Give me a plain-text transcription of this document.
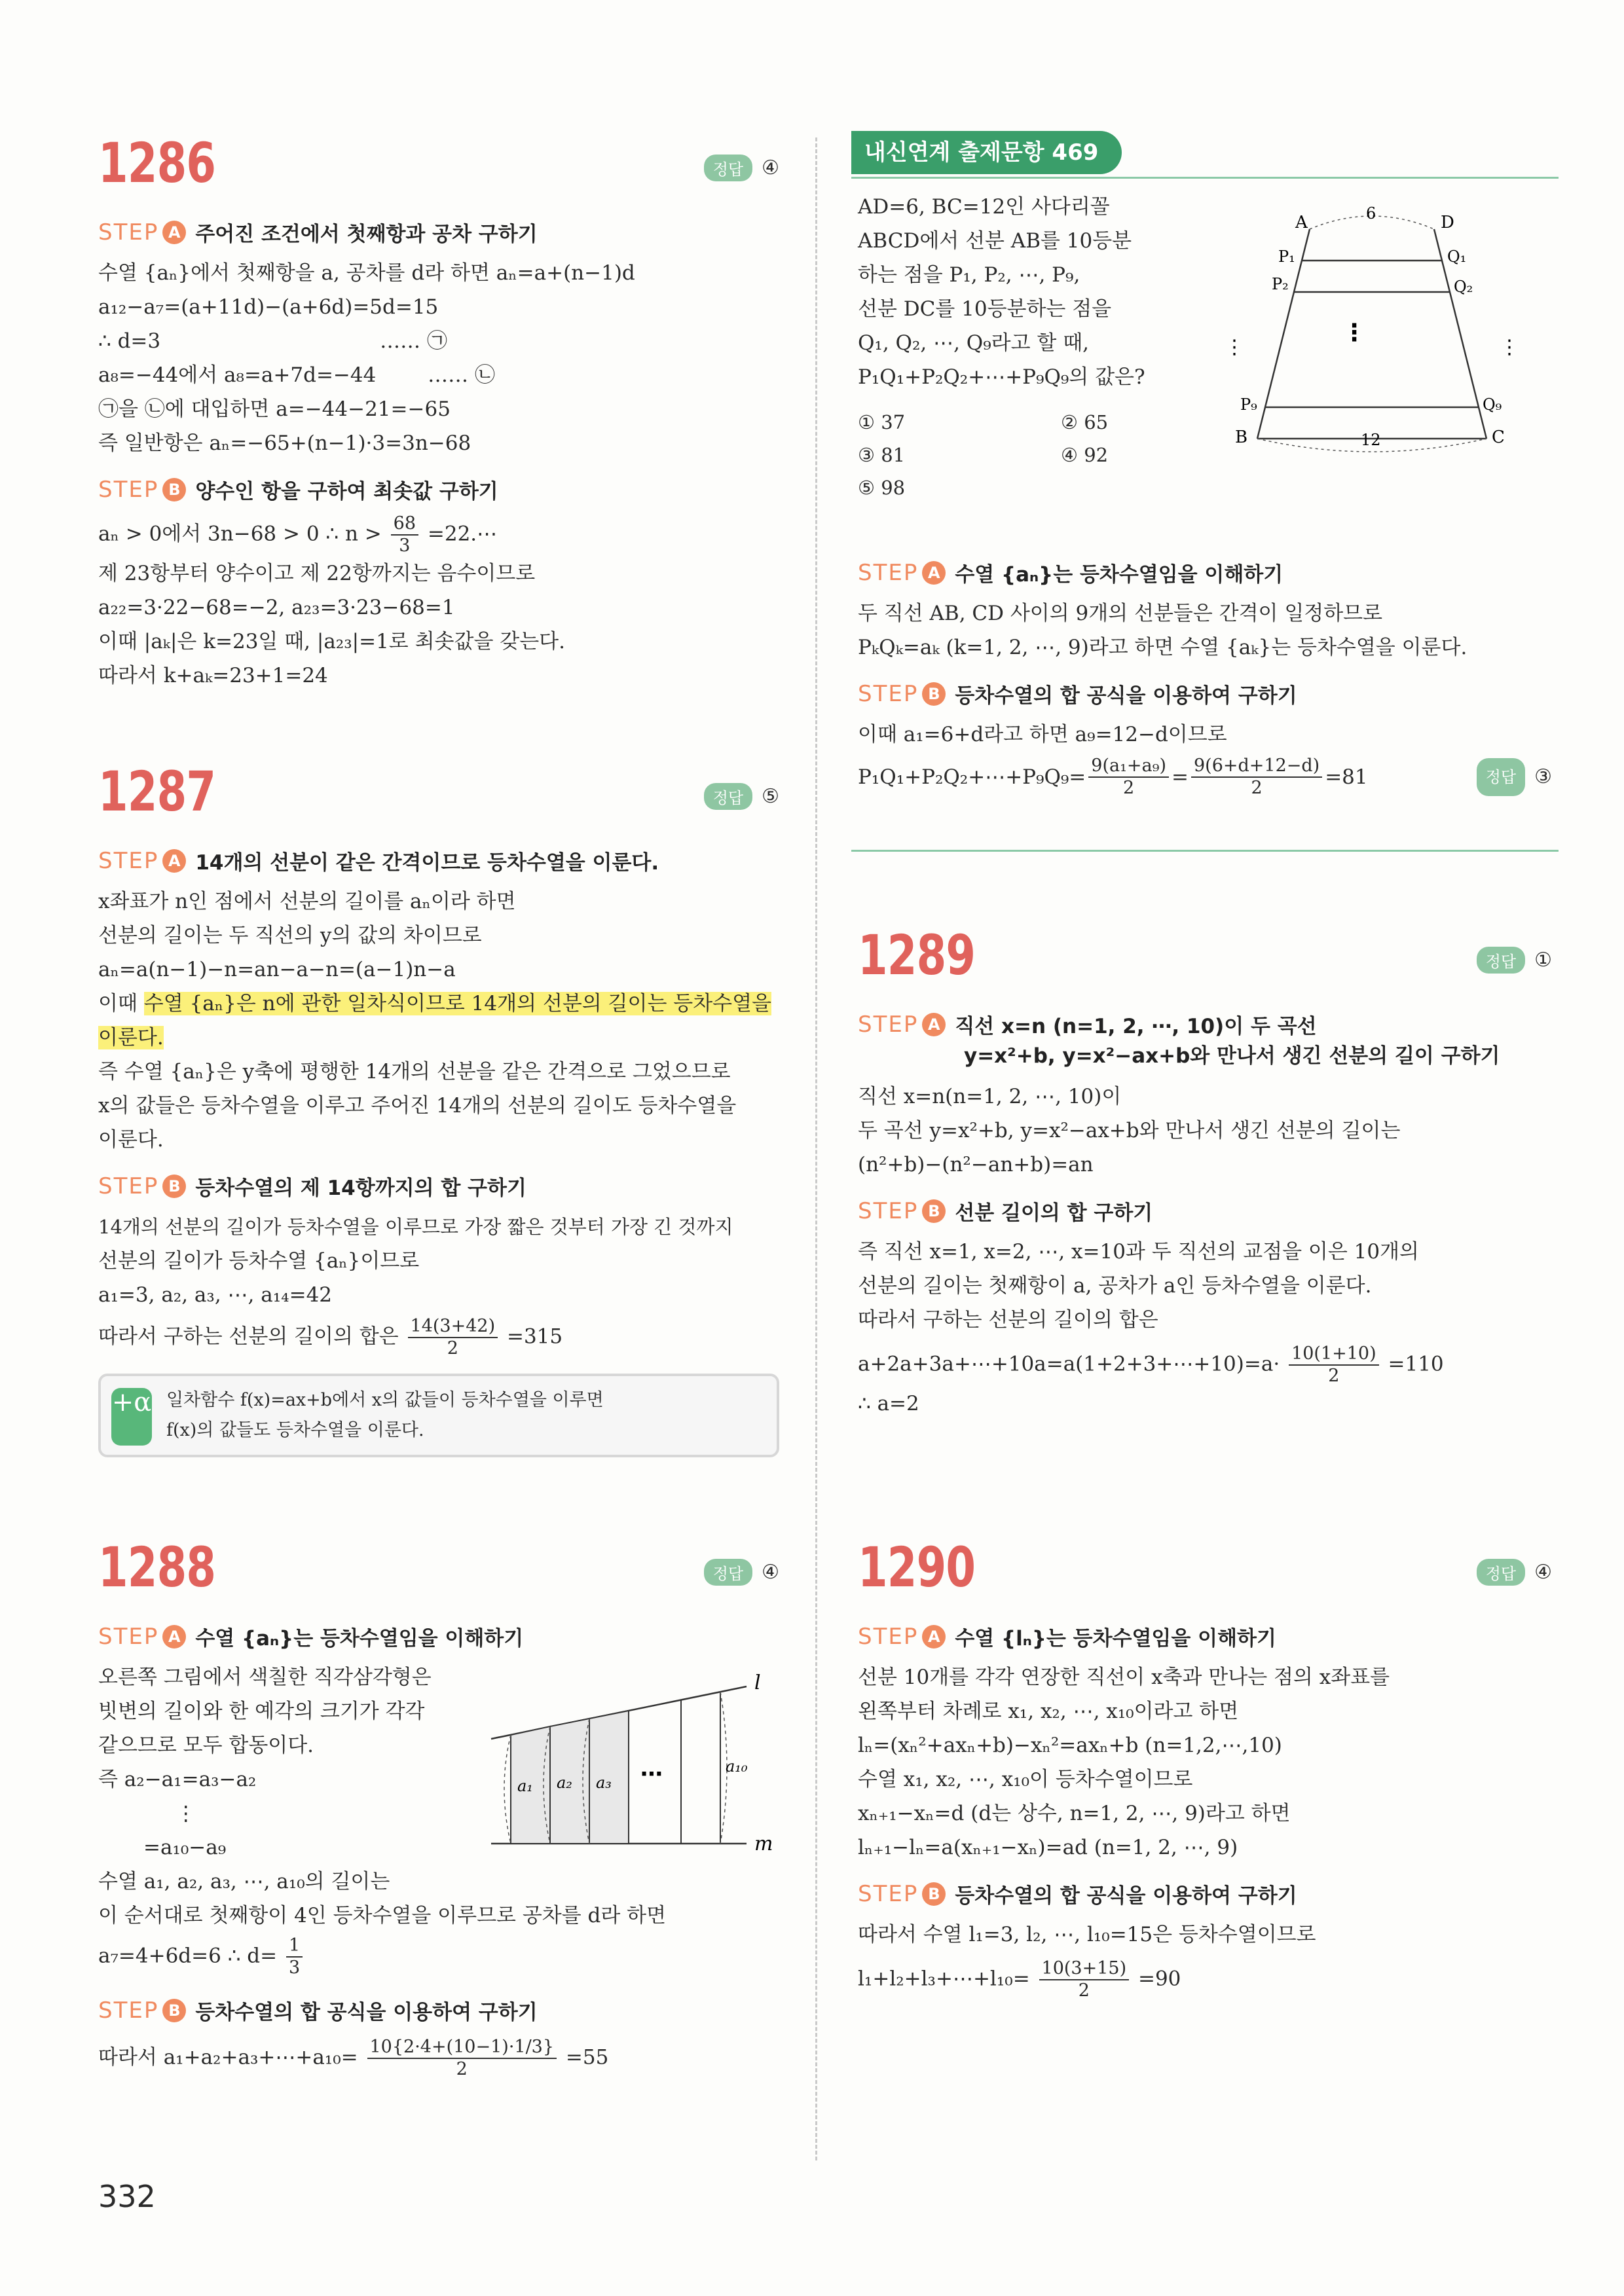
1286	정답 ④
STEP A 주어진 조건에서 첫째항과 공차 구하기
수열 {aₙ}에서 첫째항을 a, 공차를 d라 하면 aₙ=a+(n−1)d
a₁₂−a₇=(a+11d)−(a+6d)=5d=15
∴ d=3                                  …… ㉠
a₈=−44에서 a₈=a+7d=−44        …… ㉡
㉠을 ㉡에 대입하면 a=−44−21=−65
즉 일반항은 aₙ=−65+(n−1)·3=3n−68
STEP B 양수인 항을 구하여 최솟값 구하기
aₙ > 0에서 3n−68 > 0 ∴ $n > \frac{68}{3}$ =22.⋯
제 23항부터 양수이고 제 22항까지는 음수이므로
a₂₂=3·22−68=−2, a₂₃=3·23−68=1
이때 |aₖ|은 k=23일 때, |a₂₃|=1로 최솟값을 갖는다.
따라서 k+aₖ=23+1=24
1287	정답 ⑤
STEP A 14개의 선분이 같은 간격이므로 등차수열을 이룬다.
x좌표가 n인 점에서 선분의 길이를 aₙ이라 하면
선분의 길이는 두 직선의 y의 값의 차이므로
aₙ=a(n−1)−n=an−a−n=(a−1)n−a
이때 수열 {aₙ}은 n에 관한 일차식이므로 14개의 선분의 길이는 등차수열을
이룬다.
즉 수열 {aₙ}은 y축에 평행한 14개의 선분을 같은 간격으로 그었으므로
x의 값들은 등차수열을 이루고 주어진 14개의 선분의 길이도 등차수열을
이룬다.
STEP B 등차수열의 제 14항까지의 합 구하기
14개의 선분의 길이가 등차수열을 이루므로 가장 짧은 것부터 가장 긴 것까지
선분의 길이가 등차수열 {aₙ}이므로
a₁=3, a₂, a₃, ⋯, a₁₄=42
따라서 구하는 선분의 길이의 합은 $\frac{14(3+42)}{2} =315$
+α 일차함수 f(x)=ax+b에서 x의 값들이 등차수열을 이루면
f(x)의 값들도 등차수열을 이룬다.
1288	정답 ④
STEP A 수열 {aₙ}는 등차수열임을 이해하기
오른쪽 그림에서 색칠한 직각삼각형은
빗변의 길이와 한 예각의 크기가 각각
같으므로 모두 합동이다.
즉 a₂−a₁=a₃−a₂
⋮
=a₁₀−a₉
수열 a₁, a₂, a₃, ⋯, a₁₀의 길이는
이 순서대로 첫째항이 4인 등차수열을 이루므로 공차를 d라 하면
l
m
a₁ a₂ a₃ ⋯	a₁₀
a₇=4+6d=6 ∴ $d= \frac{1}{3}$
STEP B 등차수열의 합 공식을 이용하여 구하기
따라서 a₁+a₂+a₃+⋯+a₁₀= $\frac{10\{2\cdot 4+(10-1)\cdot 1/3\}}{2} =55$
내신연계 출제문항 469
AD=6, BC=12인 사다리꼴
ABCD에서 선분 AB를 10등분
하는 점을 P₁, P₂, ⋯, P₉,
선분 DC를 10등분하는 점을
Q₁, Q₂, ⋯, Q₉라고 할 때,
P₁Q₁+P₂Q₂+⋯+P₉Q₉의 값은?
① 37	② 65
③ 81	④ 92
⑤ 98
⋮
⋮	⋮
A	D
6
P₁
P₂
Q₁
Q₂
P₉	Q₉
B	C
12
STEP A 수열 {aₙ}는 등차수열임을 이해하기
두 직선 AB, CD 사이의 9개의 선분들은 간격이 일정하므로
PₖQₖ=aₖ (k=1, 2, ⋯, 9)라고 하면 수열 {aₖ}는 등차수열을 이룬다.
STEP B 등차수열의 합 공식을 이용하여 구하기
이때 a₁=6+d라고 하면 a₉=12−d이므로
P₁Q₁+P₂Q₂+⋯+P₉Q₉= $\frac{\text{9(a₁+a₉)}}{2} = \frac{9(6+d+12-d)}{2} =81$	정답 ③
1289	정답 ①
STEP A 직선 x=n (n=1, 2, ⋯, 10)이 두 곡선
y=x²+b, y=x²−ax+b와 만나서 생긴 선분의 길이 구하기
직선 x=n(n=1, 2, ⋯, 10)이
두 곡선 y=x²+b, y=x²−ax+b와 만나서 생긴 선분의 길이는
(n²+b)−(n²−an+b)=an
STEP B 선분 길이의 합 구하기
즉 직선 x=1, x=2, ⋯, x=10과 두 직선의 교점을 이은 10개의
선분의 길이는 첫째항이 a, 공차가 a인 등차수열을 이룬다.
따라서 구하는 선분의 길이의 합은
a+2a+3a+⋯+10a=a(1+2+3+⋯+10)=a· $\frac{10(1+10)}{2} =110$
∴ a=2
1290	정답 ④
STEP A 수열 {lₙ}는 등차수열임을 이해하기
선분 10개를 각각 연장한 직선이 x축과 만나는 점의 x좌표를
왼쪽부터 차례로 x₁, x₂, ⋯, x₁₀이라고 하면
lₙ=(xₙ²+axₙ+b)−xₙ²=axₙ+b (n=1,2,⋯,10)
수열 x₁, x₂, ⋯, x₁₀이 등차수열이므로
xₙ₊₁−xₙ=d (d는 상수, n=1, 2, ⋯, 9)라고 하면
lₙ₊₁−lₙ=a(xₙ₊₁−xₙ)=ad (n=1, 2, ⋯, 9)
STEP B 등차수열의 합 공식을 이용하여 구하기
따라서 수열 l₁=3, l₂, ⋯, l₁₀=15은 등차수열이므로
l₁+l₂+l₃+⋯+l₁₀= $\frac{10(3+15)}{2} =90$
332
